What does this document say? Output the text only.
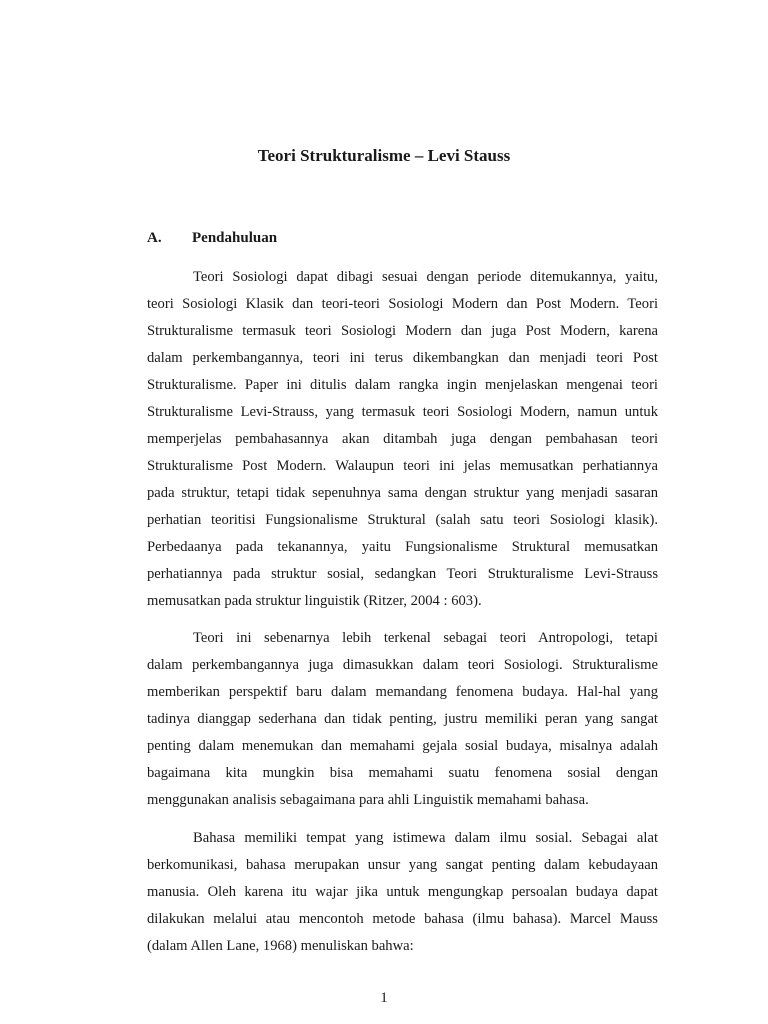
Teori Strukturalisme – Levi Stauss
A. Pendahuluan
Teori Sosiologi dapat dibagi sesuai dengan periode ditemukannya, yaitu,
teori Sosiologi Klasik dan teori-teori Sosiologi Modern dan Post Modern. Teori
Strukturalisme termasuk teori Sosiologi Modern dan juga Post Modern, karena
dalam perkembangannya, teori ini terus dikembangkan dan menjadi teori Post
Strukturalisme. Paper ini ditulis dalam rangka ingin menjelaskan mengenai teori
Strukturalisme Levi-Strauss, yang termasuk teori Sosiologi Modern, namun untuk
memperjelas pembahasannya akan ditambah juga dengan pembahasan teori
Strukturalisme Post Modern. Walaupun teori ini jelas memusatkan perhatiannya
pada struktur, tetapi tidak sepenuhnya sama dengan struktur yang menjadi sasaran
perhatian teoritisi Fungsionalisme Struktural (salah satu teori Sosiologi klasik).
Perbedaanya pada tekanannya, yaitu Fungsionalisme Struktural memusatkan
perhatiannya pada struktur sosial, sedangkan Teori Strukturalisme Levi-Strauss
memusatkan pada struktur linguistik (Ritzer, 2004 : 603).
Teori ini sebenarnya lebih terkenal sebagai teori Antropologi, tetapi
dalam perkembangannya juga dimasukkan dalam teori Sosiologi. Strukturalisme
memberikan perspektif baru dalam memandang fenomena budaya. Hal-hal yang
tadinya dianggap sederhana dan tidak penting, justru memiliki peran yang sangat
penting dalam menemukan dan memahami gejala sosial budaya, misalnya adalah
bagaimana kita mungkin bisa memahami suatu fenomena sosial dengan
menggunakan analisis sebagaimana para ahli Linguistik memahami bahasa.
Bahasa memiliki tempat yang istimewa dalam ilmu sosial. Sebagai alat
berkomunikasi, bahasa merupakan unsur yang sangat penting dalam kebudayaan
manusia. Oleh karena itu wajar jika untuk mengungkap persoalan budaya dapat
dilakukan melalui atau mencontoh metode bahasa (ilmu bahasa). Marcel Mauss
(dalam Allen Lane, 1968) menuliskan bahwa:
1
